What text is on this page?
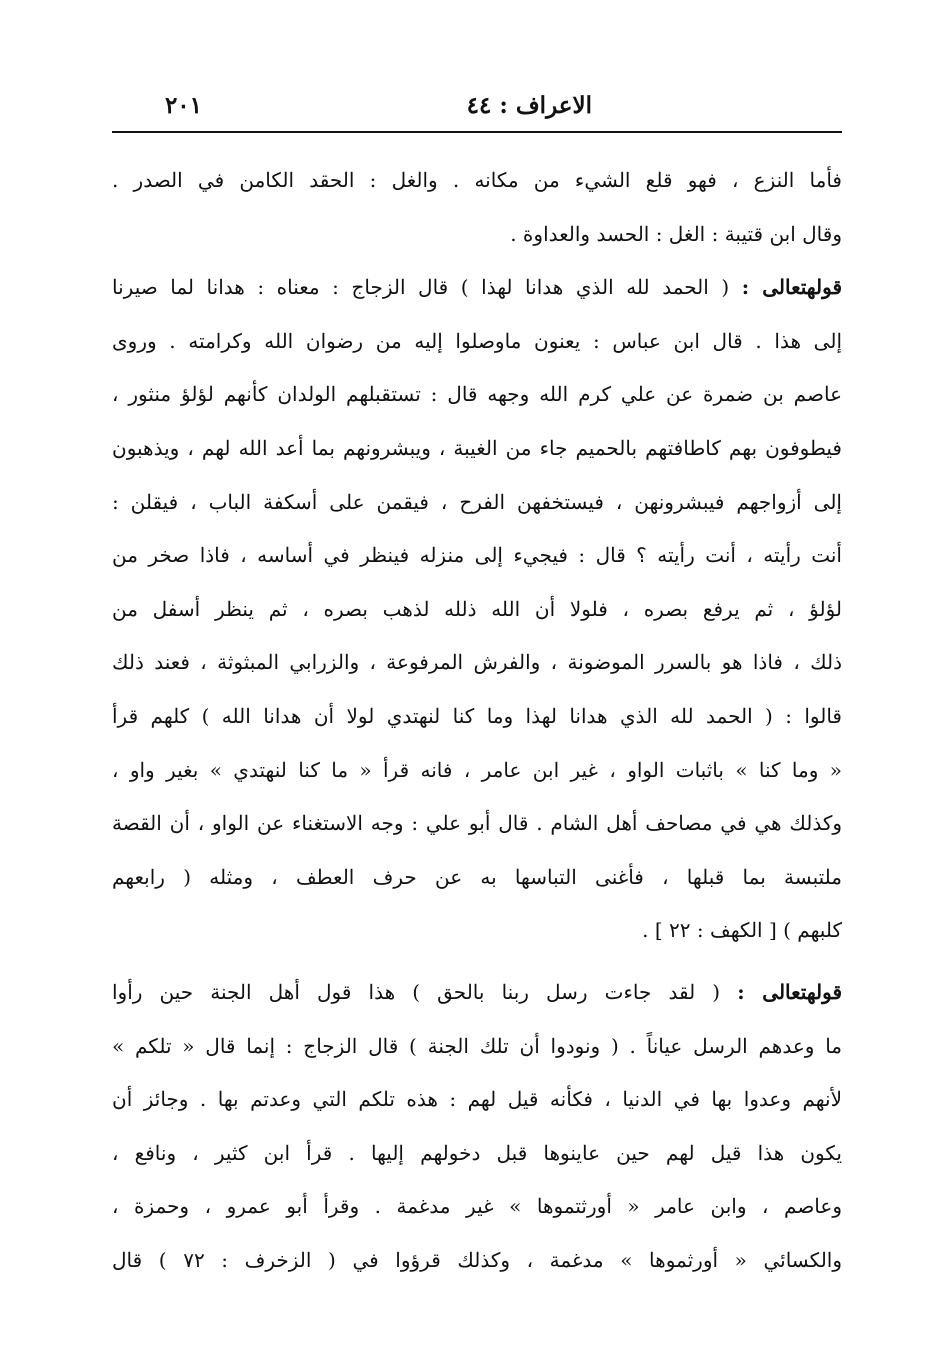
٢٠١	الاعراف : ٤٤
فأما النزع ، فهو قلع الشيء من مكانه . والغل : الحقد الكامن في الصدر .
وقال ابن قتيبة : الغل : الحسد والعداوة .
قولهتعالى : ( الحمد لله الذي هدانا لهذا ) قال الزجاج : معناه : هدانا لما صيرنا
إلى هذا . قال ابن عباس : يعنون ماوصلوا إليه من رضوان الله وكرامته . وروى
عاصم بن ضمرة عن علي كرم الله وجهه قال : تستقبلهم الولدان كأنهم لؤلؤ منثور ،
فيطوفون بهم كاطافتهم بالحميم جاء من الغيبة ، ويبشرونهم بما أعد الله لهم ، ويذهبون
إلى أزواجهم فيبشرونهن ، فيستخفهن الفرح ، فيقمن على أسكفة الباب ، فيقلن :
أنت رأيته ، أنت رأيته ؟ قال : فيجيء إلى منزله فينظر في أساسه ، فاذا صخر من
لؤلؤ ، ثم يرفع بصره ، فلولا أن الله ذلله لذهب بصره ، ثم ينظر أسفل من
ذلك ، فاذا هو بالسرر الموضونة ، والفرش المرفوعة ، والزرابي المبثوثة ، فعند ذلك
قالوا : ( الحمد لله الذي هدانا لهذا وما كنا لنهتدي لولا أن هدانا الله ) كلهم قرأ
« وما كنا » باثبات الواو ، غير ابن عامر ، فانه قرأ « ما كنا لنهتدي » بغير واو ،
وكذلك هي في مصاحف أهل الشام . قال أبو علي : وجه الاستغناء عن الواو ، أن القصة
ملتبسة بما قبلها ، فأغنى التباسها به عن حرف العطف ، ومثله ( رابعهم
كلبهم ) [ الكهف : ٢٢ ] .
قولهتعالى : ( لقد جاءت رسل ربنا بالحق ) هذا قول أهل الجنة حين رأوا
ما وعدهم الرسل عياناً . ( ونودوا أن تلك الجنة ) قال الزجاج : إنما قال « تلكم »
لأنهم وعدوا بها في الدنيا ، فكأنه قيل لهم : هذه تلكم التي وعدتم بها . وجائز أن
يكون هذا قيل لهم حين عاينوها قبل دخولهم إليها . قرأ ابن كثير ، ونافع ،
وعاصم ، وابن عامر « أورثتموها » غير مدغمة . وقرأ أبو عمرو ، وحمزة ،
والكسائي « أورثموها » مدغمة ، وكذلك قرؤوا في ( الزخرف : ٧٢ ) قال
